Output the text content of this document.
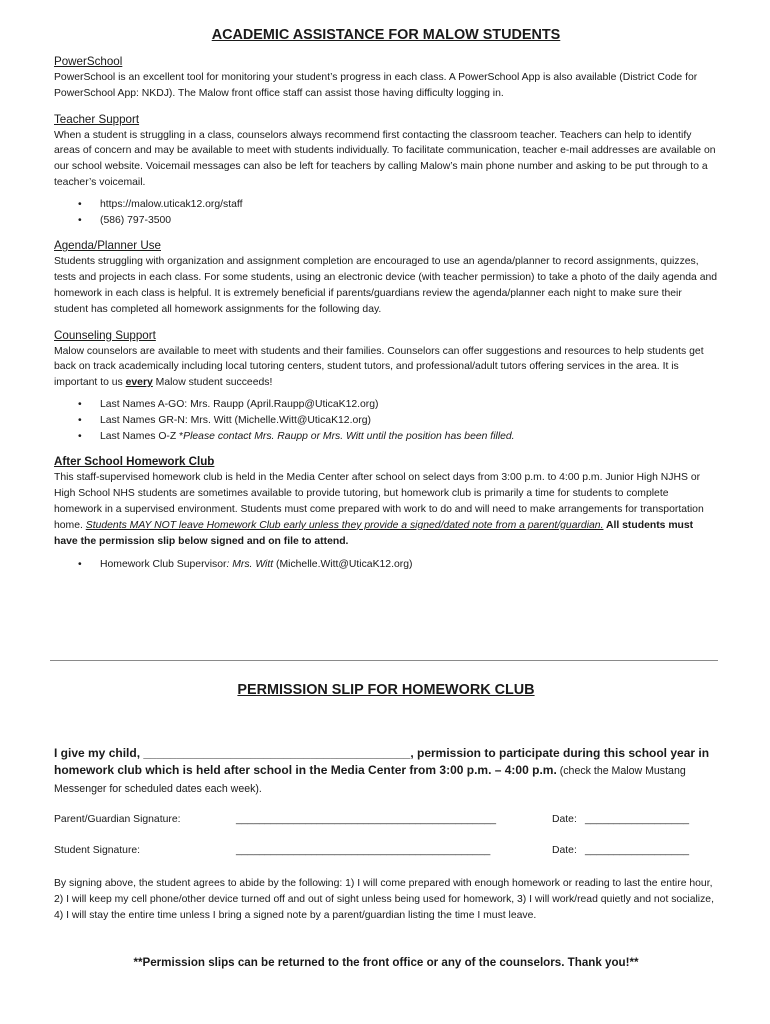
ACADEMIC ASSISTANCE FOR MALOW STUDENTS
PowerSchool

PowerSchool is an excellent tool for monitoring your student’s progress in each class. A PowerSchool App is also available (District Code for PowerSchool App: NKDJ). The Malow front office staff can assist those having difficulty logging in.

Teacher Support

When a student is struggling in a class, counselors always recommend first contacting the classroom teacher. Teachers can help to identify areas of concern and may be available to meet with students individually. To facilitate communication, teacher e-mail addresses are available on our school website. Voicemail messages can also be left for teachers by calling Malow’s main phone number and asking to be put through to a teacher’s voicemail.

• https://malow.uticak12.org/staff
• (586) 797-3500
Agenda/Planner Use

Students struggling with organization and assignment completion are encouraged to use an agenda/planner to record assignments, quizzes, tests and projects in each class. For some students, using an electronic device (with teacher permission) to take a photo of the daily agenda and homework in each class is helpful. It is extremely beneficial if parents/guardians review the agenda/planner each night to make sure their student has completed all homework assignments for the following day.

Counseling Support

Malow counselors are available to meet with students and their families. Counselors can offer suggestions and resources to help students get back on track academically including local tutoring centers, student tutors, and professional/adult tutors offering services in the area. It is important to us every Malow student succeeds!

• Last Names A-GO: Mrs. Raupp (April.Raupp@UticaK12.org)
• Last Names GR-N: Mrs. Witt (Michelle.Witt@UticaK12.org)
• Last Names O-Z *Please contact Mrs. Raupp or Mrs. Witt until the position has been filled.
After School Homework Club

This staff-supervised homework club is held in the Media Center after school on select days from 3:00 p.m. to 4:00 p.m. Junior High NJHS or High School NHS students are sometimes available to provide tutoring, but homework club is primarily a time for students to complete homework in a supervised environment. Students must come prepared with work to do and will need to make arrangements for transportation home. Students MAY NOT leave Homework Club early unless they provide a signed/dated note from a parent/guardian. All students must have the permission slip below signed and on file to attend.

• Homework Club Supervisor: Mrs. Witt (Michelle.Witt@UticaK12.org)
PERMISSION SLIP FOR HOMEWORK CLUB
I give my child, ________________________________________, permission to participate during this school year in homework club which is held after school in the Media Center from 3:00 p.m. – 4:00 p.m. (check the Malow Mustang Messenger for scheduled dates each week).
Parent/Guardian Signature:	_____________________________________________	Date: __________________
Student Signature:	____________________________________________	Date: __________________
By signing above, the student agrees to abide by the following: 1) I will come prepared with enough homework or reading to last the entire hour, 2) I will keep my cell phone/other device turned off and out of sight unless being used for homework, 3) I will work/read quietly and not socialize, 4) I will stay the entire time unless I bring a signed note by a parent/guardian listing the time I must leave.
**Permission slips can be returned to the front office or any of the counselors. Thank you!**
